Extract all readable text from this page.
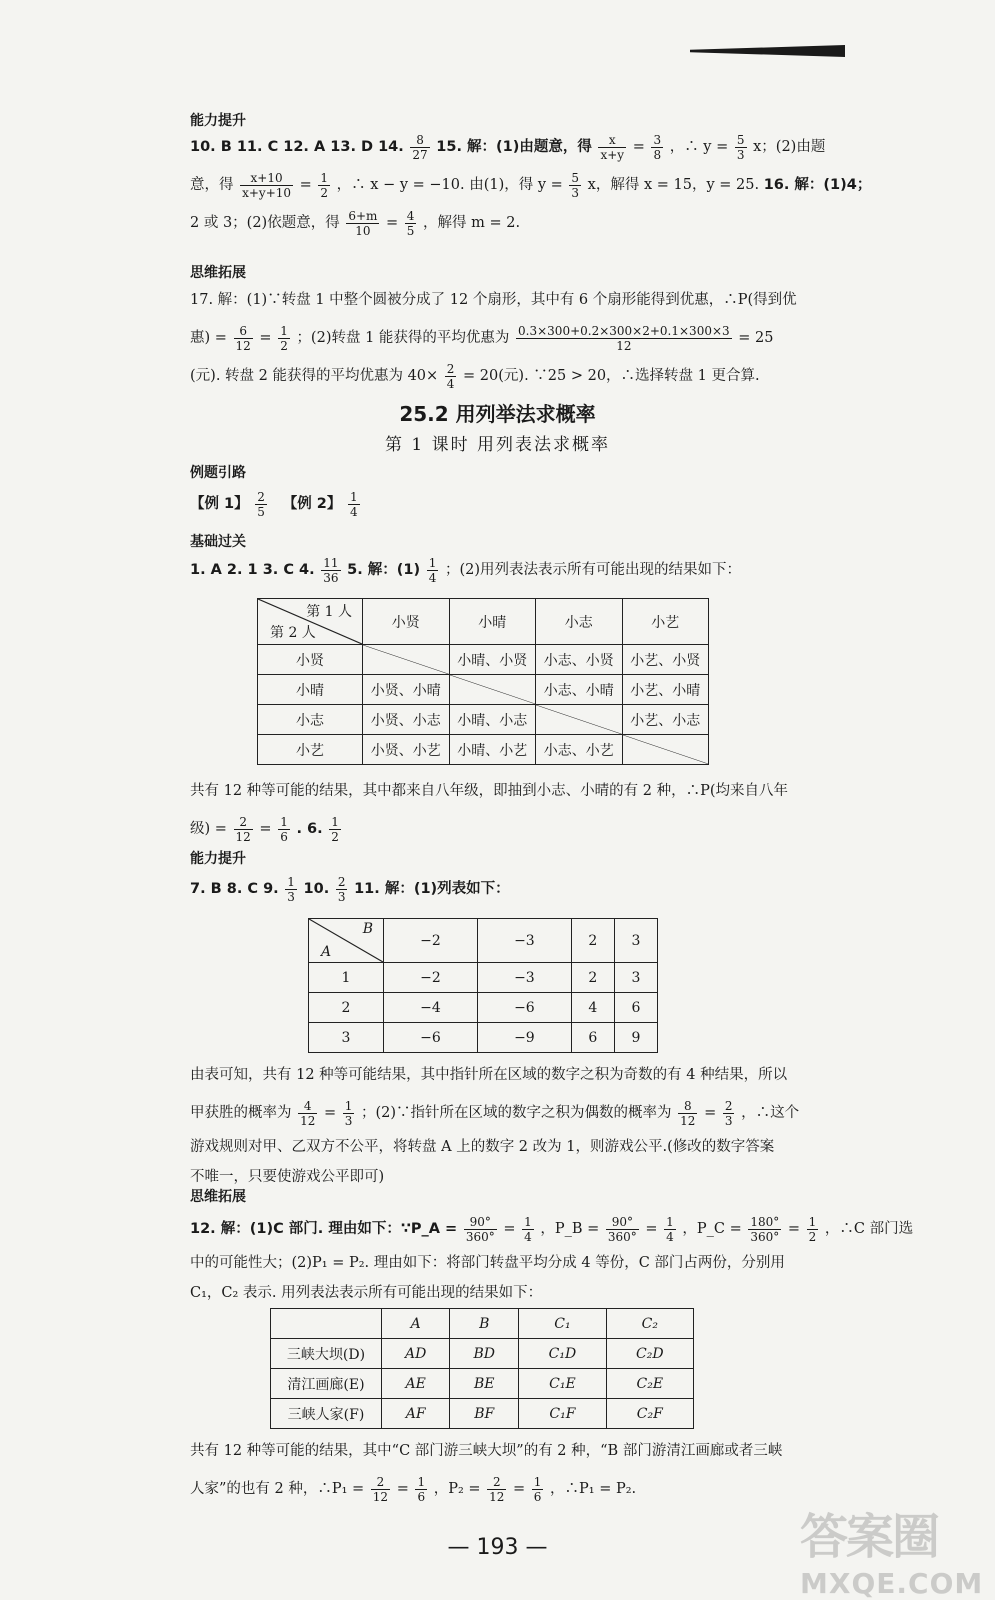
能力提升
10. B 11. C 12. A 13. D 14. $\frac{8}{27} 15$. 解：(1)由题意，得 $\frac{x}{x+y} = \frac{3}{8}$ ，∴ $y = \frac{5}{3}$ x；(2)由题
意，得 $\frac{x+10}{x+y+10} = \frac{1}{2}$ ，∴ x − y = −10. 由(1)，得 $y = \frac{5}{3}$ x，解得 x = 15，y = 25. 16. 解：(1)4；
2 或 3；(2)依题意，得 $\frac{6+m}{10} = \frac{4}{5}$ ，解得 m = 2.
思维拓展
17. 解：(1)∵转盘 1 中整个圆被分成了 12 个扇形，其中有 6 个扇形能得到优惠，∴P(得到优
惠) = $\frac{6}{12} = \frac{1}{2}$ ；(2)转盘 1 能获得的平均优惠为 $\frac{0.3\times 300+0.2\times 300\times 2+0.1\times 300\times 3}{12} = 25$
(元). 转盘 2 能获得的平均优惠为 $40\times \frac{2}{4} = 20$(元). ∵25 > 20，∴选择转盘 1 更合算.
25.2 用列举法求概率
第 1 课时 用列表法求概率
例题引路
【例 1】 $\frac{2}{5}$ 【例 2】 $\frac{1}{4}$
基础过关
1. A 2. 1 3. C 4. $\frac{11}{36} 5$. 解：$(1) \frac{1}{4}$ ；(2)用列表法表示所有可能出现的结果如下：
第 1 人
第 2 人	小贤	小晴	小志	小艺
小贤		小晴、小贤	小志、小贤	小艺、小贤
小晴	小贤、小晴		小志、小晴	小艺、小晴
小志	小贤、小志	小晴、小志		小艺、小志
小艺	小贤、小艺	小晴、小艺	小志、小艺	
共有 12 种等可能的结果，其中都来自八年级，即抽到小志、小晴的有 2 种，∴P(均来自八年
级) = $\frac{2}{12} = \frac{1}{6}$ . 6. $\frac{1}{2}$
能力提升
7. B 8. C 9. $\frac{1}{3} 10$. $\frac{2}{3} 11$. 解：(1)列表如下：
B
A	−2	−3	2	3
1	−2	−3	2	3
2	−4	−6	4	6
3	−6	−9	6	9
由表可知，共有 12 种等可能结果，其中指针所在区域的数字之积为奇数的有 4 种结果，所以
甲获胜的概率为 $\frac{4}{12} = \frac{1}{3}$ ；(2)∵指针所在区域的数字之积为偶数的概率为 $\frac{8}{12} = \frac{2}{3}$ ，∴这个
游戏规则对甲、乙双方不公平，将转盘 A 上的数字 2 改为 1，则游戏公平.(修改的数字答案
不唯一，只要使游戏公平即可)
思维拓展
12. 解：(1)C 部门. 理由如下：∵P_A = $\frac{90^\circ}{360^\circ} = \frac{1}{4}$ ，P_B = $\frac{90^\circ}{360^\circ} = \frac{1}{4}$ ，P_C = $\frac{180^\circ}{360^\circ} = \frac{1}{2}$ ，∴C 部门选
中的可能性大；(2)P₁ = P₂. 理由如下：将部门转盘平均分成 4 等份，C 部门占两份，分别用
C₁，C₂ 表示. 用列表法表示所有可能出现的结果如下：
	A	B	C₁	C₂
三峡大坝(D)	AD	BD	C₁D	C₂D
清江画廊(E)	AE	BE	C₁E	C₂E
三峡人家(F)	AF	BF	C₁F	C₂F
共有 12 种等可能的结果，其中“C 部门游三峡大坝”的有 2 种，“B 部门游清江画廊或者三峡
人家”的也有 2 种，∴P₁ = $\frac{2}{12} = \frac{1}{6}$ ，$P_2 = \frac{2}{12} = \frac{1}{6}$ ，∴P₁ = P₂.
— 193 —	答案圈
MXQE.COM
